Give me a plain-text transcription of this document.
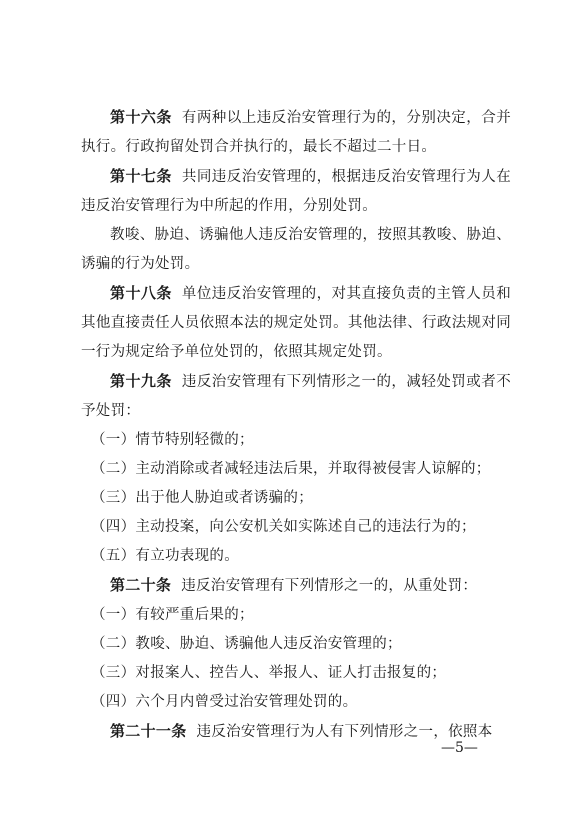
第十六条 有两种以上违反治安管理行为的，分别决定，合并执行。行政拘留处罚合并执行的，最长不超过二十日。

第十七条 共同违反治安管理的，根据违反治安管理行为人在违反治安管理行为中所起的作用，分别处罚。

教唆、胁迫、诱骗他人违反治安管理的，按照其教唆、胁迫、诱骗的行为处罚。

第十八条 单位违反治安管理的，对其直接负责的主管人员和其他直接责任人员依照本法的规定处罚。其他法律、行政法规对同一行为规定给予单位处罚的，依照其规定处罚。

第十九条 违反治安管理有下列情形之一的，减轻处罚或者不予处罚：

（一）情节特别轻微的；

（二）主动消除或者减轻违法后果，并取得被侵害人谅解的；

（三）出于他人胁迫或者诱骗的；

（四）主动投案，向公安机关如实陈述自己的违法行为的；

（五）有立功表现的。

第二十条 违反治安管理有下列情形之一的，从重处罚：

（一）有较严重后果的；

（二）教唆、胁迫、诱骗他人违反治安管理的；

（三）对报案人、控告人、举报人、证人打击报复的；

（四）六个月内曾受过治安管理处罚的。

第二十一条 违反治安管理行为人有下列情形之一，依照本

—5—
